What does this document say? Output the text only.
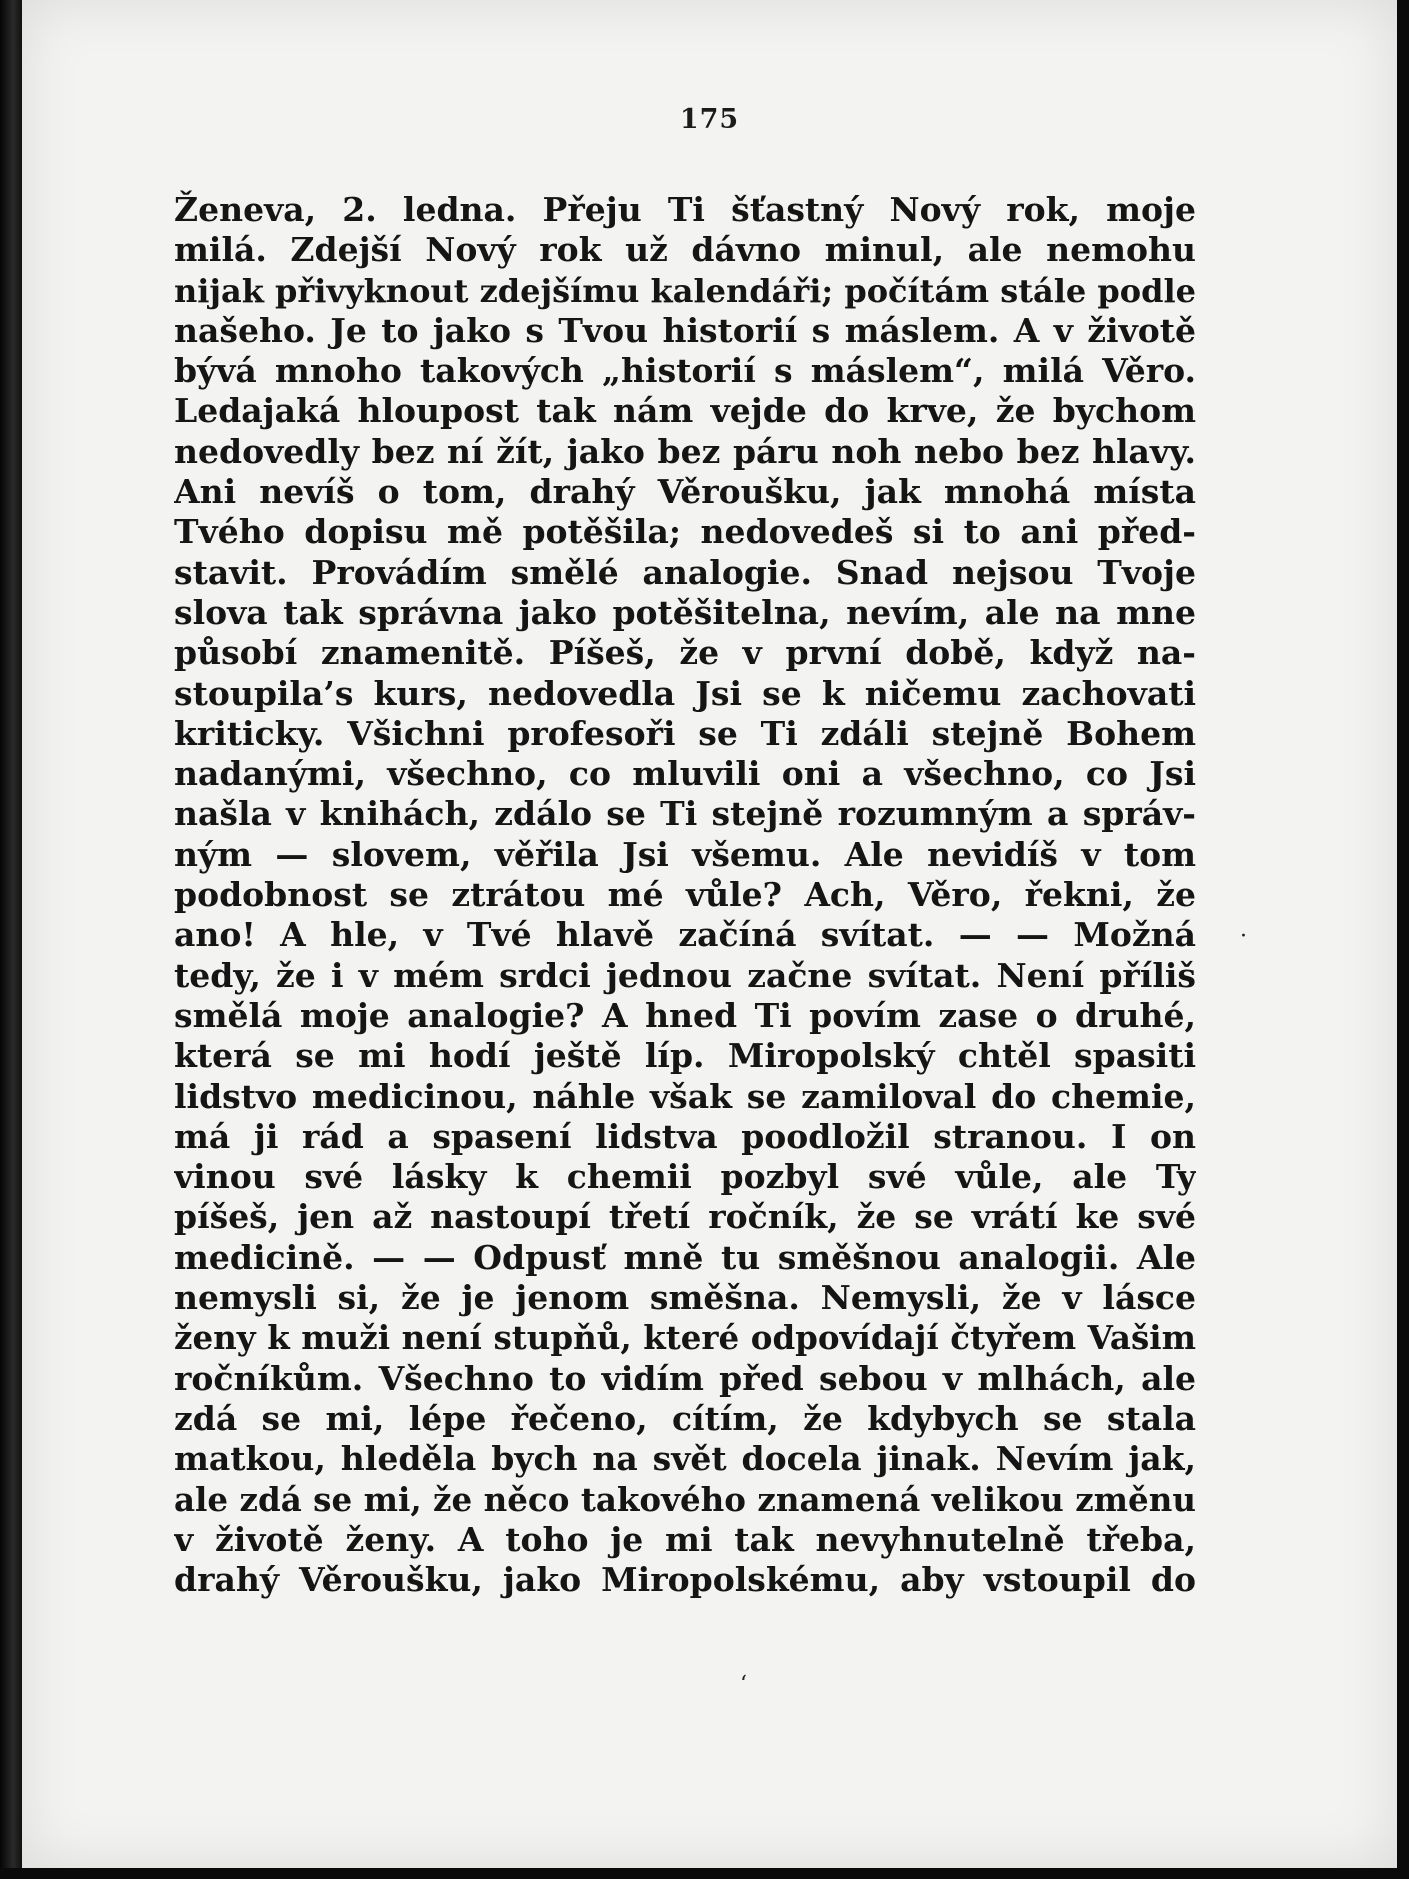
175
Ženeva, 2. ledna. Přeju Ti šťastný Nový rok, moje
milá. Zdejší Nový rok už dávno minul, ale nemohu
nijak přivyknout zdejšímu kalendáři; počítám stále podle
našeho. Je to jako s Tvou historií s máslem. A v životě
bývá mnoho takových „historií s máslem“, milá Věro.
Ledajaká hloupost tak nám vejde do krve, že bychom
nedovedly bez ní žít, jako bez páru noh nebo bez hlavy.
Ani nevíš o tom, drahý Věroušku, jak mnohá místa
Tvého dopisu mě potěšila; nedovedeš si to ani před-
stavit. Provádím smělé analogie. Snad nejsou Tvoje
slova tak správna jako potěšitelna, nevím, ale na mne
působí znamenitě. Píšeš, že v první době, když na-
stoupila’s kurs, nedovedla Jsi se k ničemu zachovati
kriticky. Všichni profesoři se Ti zdáli stejně Bohem
nadanými, všechno, co mluvili oni a všechno, co Jsi
našla v knihách, zdálo se Ti stejně rozumným a správ-
ným — slovem, věřila Jsi všemu. Ale nevidíš v tom
podobnost se ztrátou mé vůle? Ach, Věro, řekni, že
ano! A hle, v Tvé hlavě začíná svítat. — — Možná
tedy, že i v mém srdci jednou začne svítat. Není příliš
smělá moje analogie? A hned Ti povím zase o druhé,
která se mi hodí ještě líp. Miropolský chtěl spasiti
lidstvo medicinou, náhle však se zamiloval do chemie,
má ji rád a spasení lidstva poodložil stranou. I on
vinou své lásky k chemii pozbyl své vůle, ale Ty
píšeš, jen až nastoupí třetí ročník, že se vrátí ke své
medicině. — — Odpusť mně tu směšnou analogii. Ale
nemysli si, že je jenom směšna. Nemysli, že v lásce
ženy k muži není stupňů, které odpovídají čtyřem Vašim
ročníkům. Všechno to vidím před sebou v mlhách, ale
zdá se mi, lépe řečeno, cítím, že kdybych se stala
matkou, hleděla bych na svět docela jinak. Nevím jak,
ale zdá se mi, že něco takového znamená velikou změnu
v životě ženy. A toho je mi tak nevyhnutelně třeba,
drahý Věroušku, jako Miropolskému, aby vstoupil do
·
ʻ
